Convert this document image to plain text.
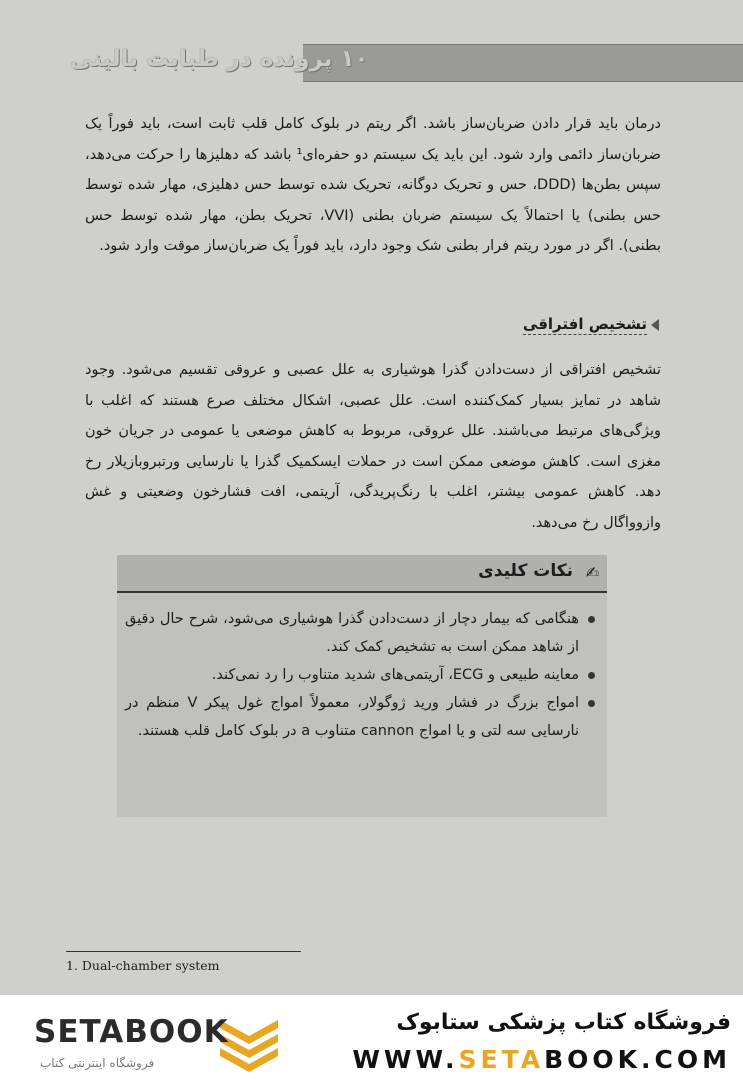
۱۰ پرونده در طبابت بالینی
درمان باید قرار دادن ضربان‌ساز باشد. اگر ریتم در بلوک کامل قلب ثابت است، باید فوراً یک ضربان‌ساز دائمی وارد شود. این باید یک سیستم دو حفره‌ای¹ باشد که دهلیزها را حرکت می‌دهد، سپس بطن‌ها (DDD، حس و تحریک دوگانه، تحریک شده توسط حس دهلیزی، مهار شده توسط حس بطنی) یا احتمالاً یک سیستم ضربان بطنی (VVI، تحریک بطن، مهار شده توسط حس بطنی). اگر در مورد ریتم فرار بطنی شک وجود دارد، باید فوراً یک ضربان‌ساز موقت وارد شود.
تشخیص افتراقی
تشخیص افتراقی از دست‌دادن گذرا هوشیاری به علل عصبی و عروقی تقسیم می‌شود. وجود شاهد در تمایز بسیار کمک‌کننده است. علل عصبی، اشکال مختلف صرع هستند که اغلب با ویژگی‌های مرتبط می‌باشند. علل عروقی، مربوط به کاهش موضعی یا عمومی در جریان خون مغزی است. کاهش موضعی ممکن است در حملات ایسکمیک گذرا یا نارسایی ورتبروبازیلار رخ دهد. کاهش عمومی بیشتر، اغلب با رنگ‌پریدگی، آریتمی، افت فشارخون وضعیتی و غش وازوواگال رخ می‌دهد.
✍
نکات کلیدی
هنگامی که بیمار دچار از دست‌دادن گذرا هوشیاری می‌شود، شرح حال دقیق از شاهد ممکن است به تشخیص کمک کند.
معاینه طبیعی و ECG، آریتمی‌های شدید متناوب را رد نمی‌کند.
امواج بزرگ در فشار ورید ژوگولار، معمولاً امواج غول پیکر V منظم در نارسایی سه لتی و یا امواج cannon متناوب a در بلوک کامل قلب هستند.
1. Dual-chamber system
SETABOOK
فروشگاه اینترنتی کتاب
فروشگاه کتاب پزشکی ستابوک
WWW.SETABOOK.COM
